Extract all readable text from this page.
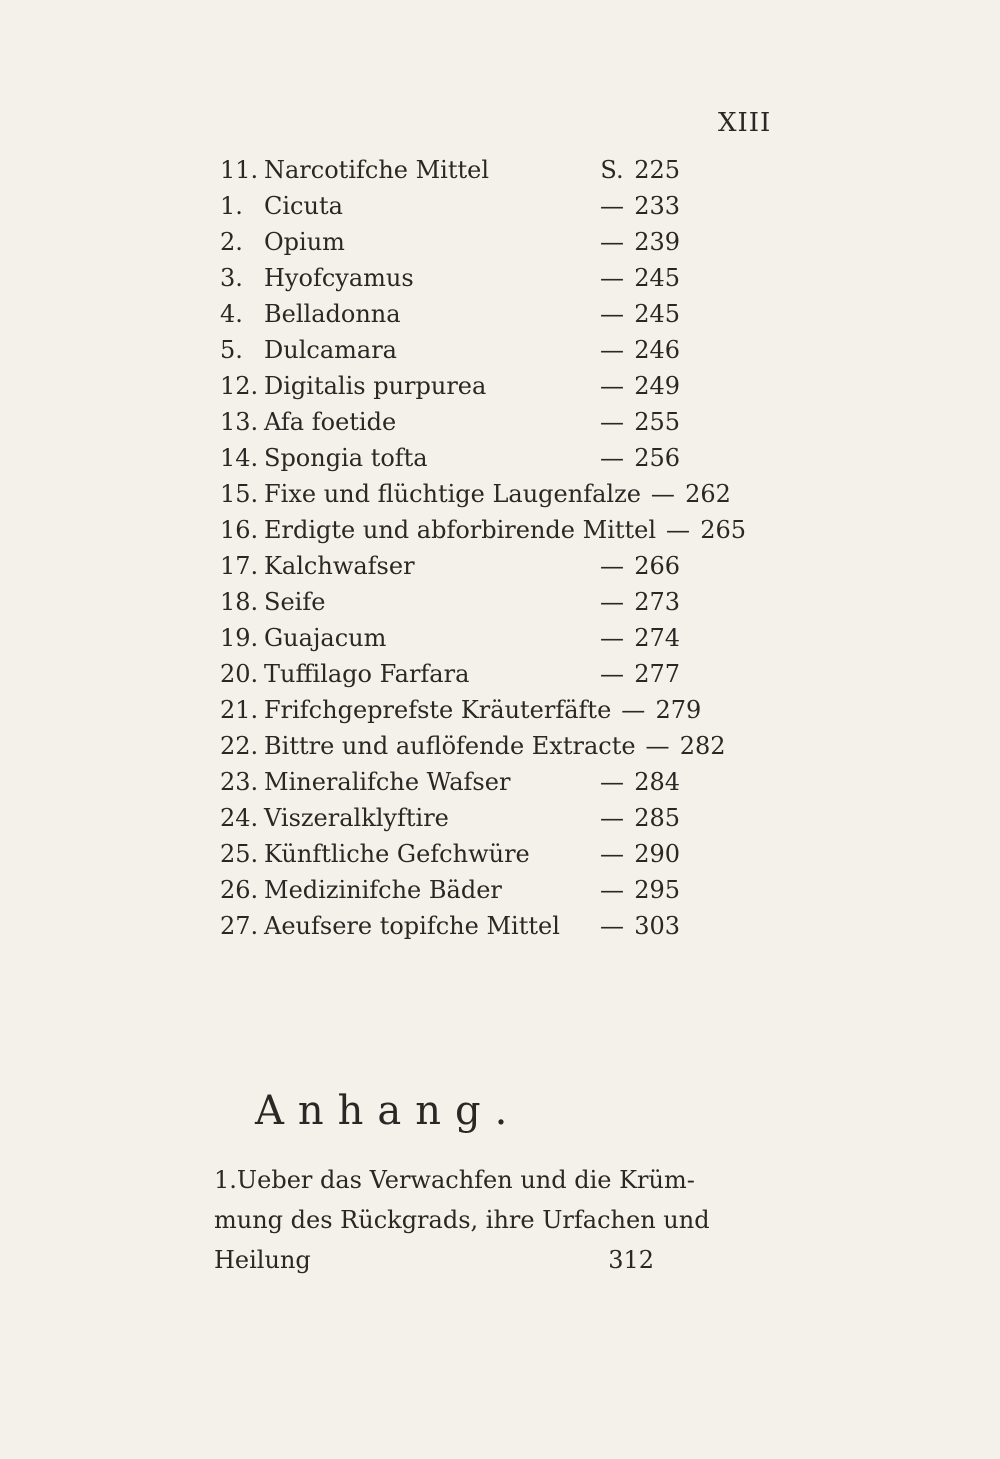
XIII
11. Narcotifche Mittel	S. 225
1. Cicuta	— 233
2. Opium	— 239
3. Hyofcyamus	— 245
4. Belladonna	— 245
5. Dulcamara	— 246
12. Digitalis purpurea	— 249
13. Afa foetide	— 255
14. Spongia tofta	— 256
15. Fixe und flüchtige Laugenfalze — 262
16. Erdigte und abforbirende Mittel — 265
17. Kalchwafser	— 266
18. Seife	— 273
19. Guajacum	— 274
20. Tuffilago Farfara	— 277
21. Frifchgeprefste Kräuterfäfte — 279
22. Bittre und auflöfende Extracte — 282
23. Mineralifche Wafser	— 284
24. Viszeralklyftire	— 285
25. Künftliche Gefchwüre	— 290
26. Medizinifche Bäder	— 295
27. Aeufsere topifche Mittel	— 303
Anhang.
1. Ueber das Verwachfen und die Krüm-
mung des Rückgrads, ihre Urfachen und
Heilung	312
